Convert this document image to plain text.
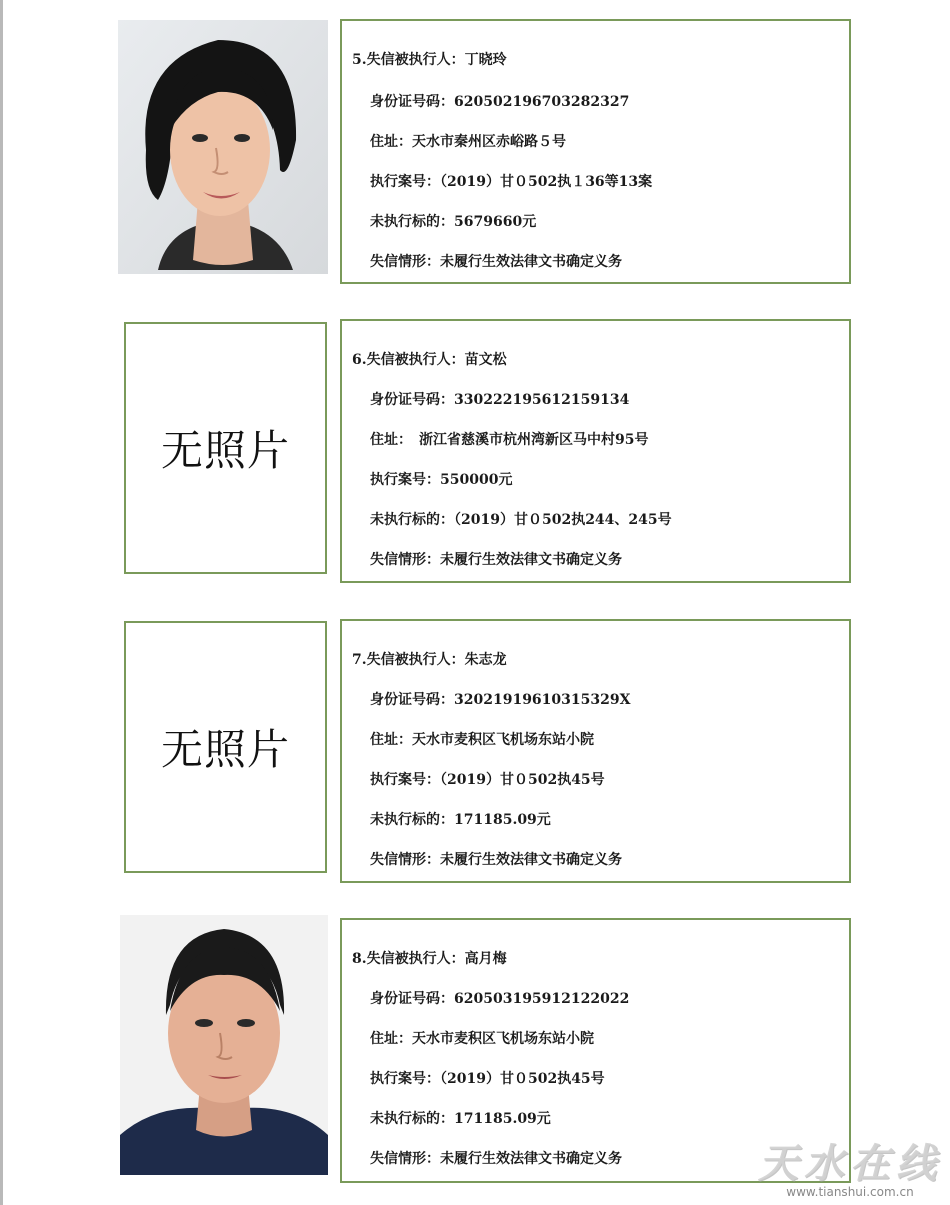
5.失信被执行人：丁晓玲
身份证号码：620502196703282327
住址：天水市秦州区赤峪路５号
执行案号：（2019）甘０502执１36等13案
未执行标的：5679660元
失信情形：未履行生效法律文书确定义务
无照片
6.失信被执行人：苗文松
身份证号码：330222195612159134
住址：　浙江省慈溪市杭州湾新区马中村95号
执行案号：550000元
未执行标的：（2019）甘０502执244、245号
失信情形：未履行生效法律文书确定义务
无照片
7.失信被执行人：朱志龙
身份证号码：32021919610315329X
住址：天水市麦积区飞机场东站小院
执行案号：（2019）甘０502执45号
未执行标的：171185.09元
失信情形：未履行生效法律文书确定义务
8.失信被执行人：高月梅
身份证号码：620503195912122022
住址：天水市麦积区飞机场东站小院
执行案号：（2019）甘０502执45号
未执行标的：171185.09元
失信情形：未履行生效法律文书确定义务	天水在线
www.tianshui.com.cn
